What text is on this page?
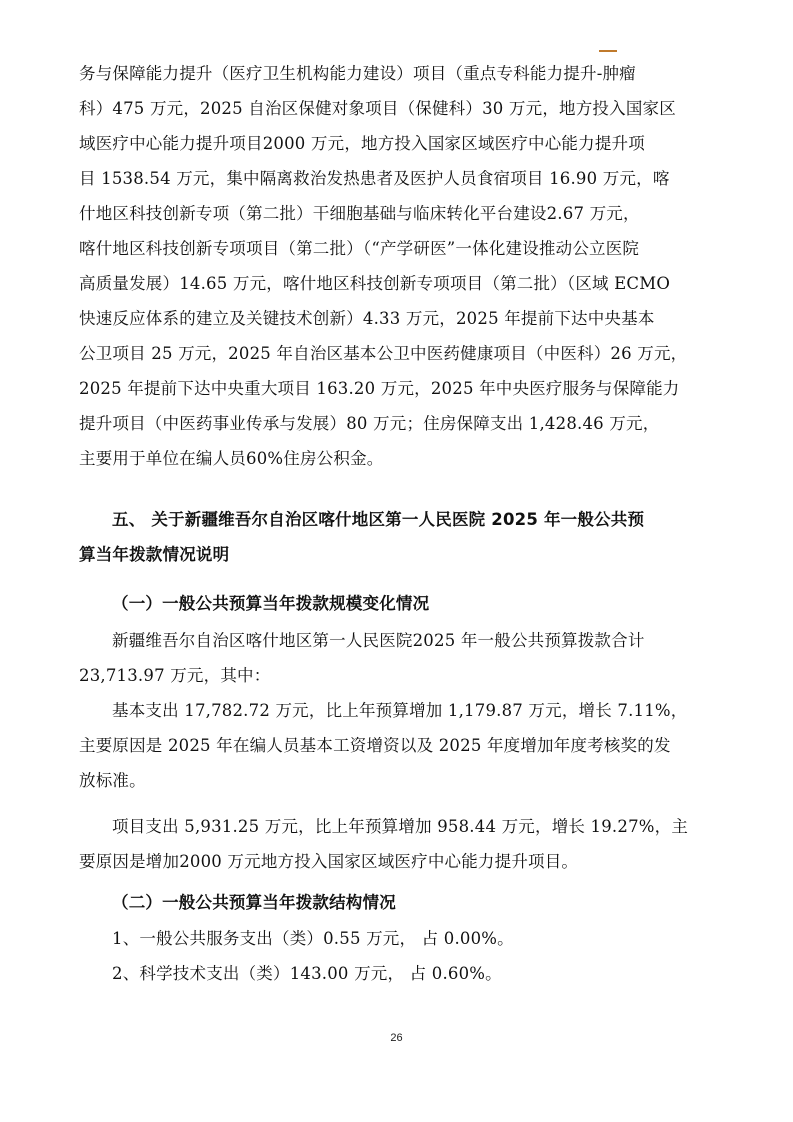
务与保障能力提升（医疗卫生机构能力建设）项目（重点专科能力提升-肿瘤
科）475 万元，2025 自治区保健对象项目（保健科）30 万元，地方投入国家区
域医疗中心能力提升项目2000 万元，地方投入国家区域医疗中心能力提升项
目 1538.54 万元，集中隔离救治发热患者及医护人员食宿项目 16.90 万元，喀
什地区科技创新专项（第二批）干细胞基础与临床转化平台建设2.67 万元，
喀什地区科技创新专项项目（第二批）（“产学研医”一体化建设推动公立医院
高质量发展）14.65 万元，喀什地区科技创新专项项目（第二批）（区域 ECMO
快速反应体系的建立及关键技术创新）4.33 万元，2025 年提前下达中央基本
公卫项目 25 万元，2025 年自治区基本公卫中医药健康项目（中医科）26 万元，
2025 年提前下达中央重大项目 163.20 万元，2025 年中央医疗服务与保障能力
提升项目（中医药事业传承与发展）80 万元；住房保障支出 1,428.46 万元，
主要用于单位在编人员60%住房公积金。
五、 关于新疆维吾尔自治区喀什地区第一人民医院 2025 年一般公共预
算当年拨款情况说明
（一）一般公共预算当年拨款规模变化情况
新疆维吾尔自治区喀什地区第一人民医院2025 年一般公共预算拨款合计
23,713.97 万元，其中：
基本支出 17,782.72 万元，比上年预算增加 1,179.87 万元，增长 7.11%，
主要原因是 2025 年在编人员基本工资增资以及 2025 年度增加年度考核奖的发
放标准。
项目支出 5,931.25 万元，比上年预算增加 958.44 万元，增长 19.27%，主
要原因是增加2000 万元地方投入国家区域医疗中心能力提升项目。
（二）一般公共预算当年拨款结构情况
1、一般公共服务支出（类）0.55 万元， 占 0.00%。
2、科学技术支出（类）143.00 万元， 占 0.60%。
26
